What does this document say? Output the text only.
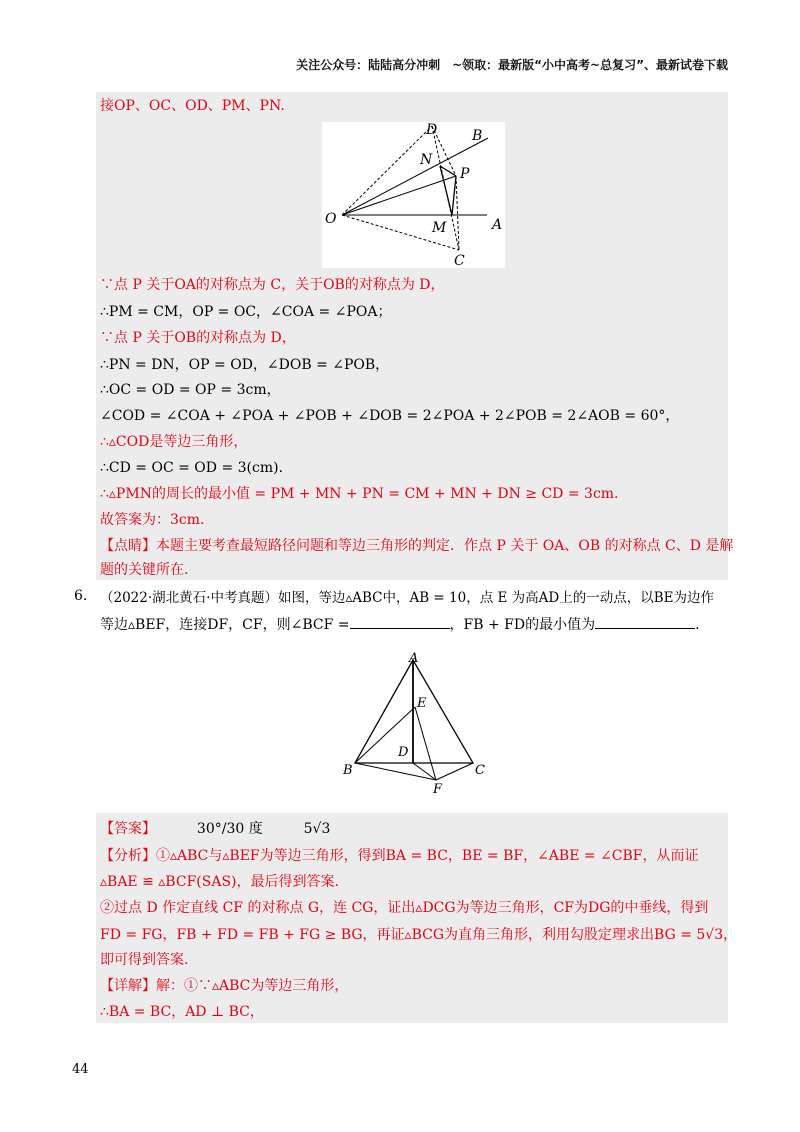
关注公众号：陆陆高分冲刺　~领取：最新版“小中高考~总复习”、最新试卷下载
接OP、OC、OD、PM、PN.
D B
N
P
O
M	A
C
∵点 P 关于OA的对称点为 C，关于OB的对称点为 D，
∴PM = CM，OP = OC，∠COA = ∠POA；
∵点 P 关于OB的对称点为 D，
∴PN = DN，OP = OD，∠DOB = ∠POB，
∴OC = OD = OP = 3cm，
∠COD = ∠COA + ∠POA + ∠POB + ∠DOB = 2∠POA + 2∠POB = 2∠AOB = 60°，
∴▵COD是等边三角形，
∴CD = OC = OD = 3(cm).
∴▵PMN的周长的最小值 = PM + MN + PN = CM + MN + DN ≥ CD = 3cm.
故答案为：3cm.
【点睛】本题主要考查最短路径问题和等边三角形的判定．作点 P 关于 OA、OB 的对称点 C、D 是解
题的关键所在.
6. （2022·湖北黄石·中考真题）如图，等边▵ABC中，AB = 10，点 E 为高AD上的一动点，以BE为边作
等边▵BEF，连接DF，CF，则∠BCF =	，FB + FD的最小值为	.
A
E
D
B	C
F
【答案】	30°/30 度	5√3
【分析】①▵ABC与▵BEF为等边三角形，得到BA = BC，BE = BF，∠ABE = ∠CBF，从而证
▵BAE ≌ ▵BCF(SAS)，最后得到答案.
②过点 D 作定直线 CF 的对称点 G，连 CG，证出▵DCG为等边三角形，CF为DG的中垂线，得到
FD = FG，FB + FD = FB + FG ≥ BG，再证▵BCG为直角三角形，利用勾股定理求出BG = 5√3，
即可得到答案.
【详解】解：①∵▵ABC为等边三角形，
∴BA = BC，AD ⊥ BC，
44
